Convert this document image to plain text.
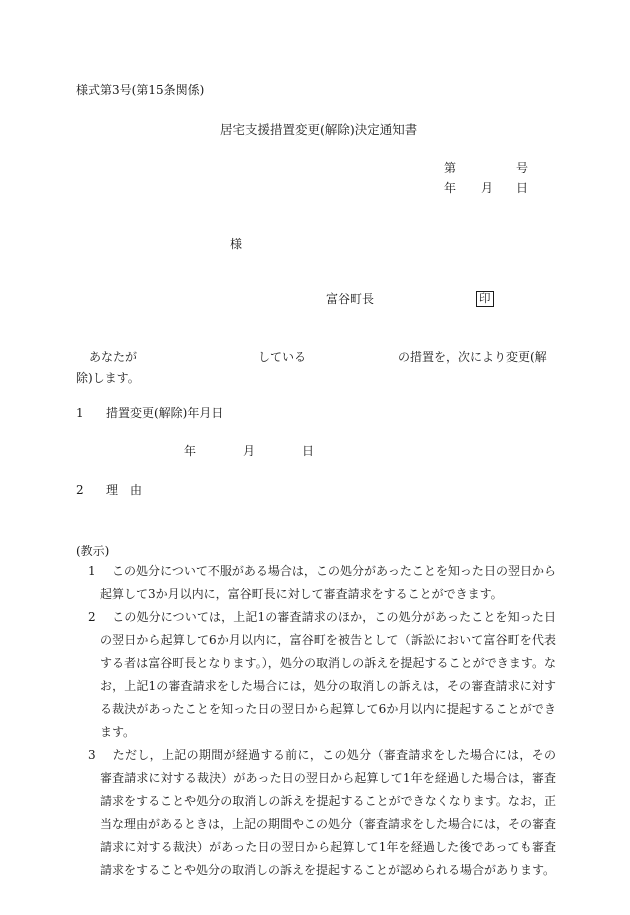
様式第3号(第15条関係)
居宅支援措置変更(解除)決定通知書
第	号
年 月 日
様
富谷町長	印
あなたが	している	の措置を，次により変更(解
除)します。
1 措置変更(解除)年月日
年	月	日
2 理　由
(教示)

1　 この処分について不服がある場合は，この処分があったことを知った日の翌日から起算して3か月以内に，富谷町長に対して審査請求をすることができます。

2　 この処分については，上記1の審査請求のほか，この処分があったことを知った日の翌日から起算して6か月以内に，富谷町を被告として（訴訟において富谷町を代表する者は富谷町長となります。），処分の取消しの訴えを提起することができます。なお，上記1の審査請求をした場合には，処分の取消しの訴えは，その審査請求に対する裁決があったことを知った日の翌日から起算して6か月以内に提起することができます。

3　 ただし，上記の期間が経過する前に，この処分（審査請求をした場合には，その審査請求に対する裁決）があった日の翌日から起算して1年を経過した場合は，審査請求をすることや処分の取消しの訴えを提起することができなくなります。なお，正当な理由があるときは，上記の期間やこの処分（審査請求をした場合には，その審査請求に対する裁決）があった日の翌日から起算して1年を経過した後であっても審査請求をすることや処分の取消しの訴えを提起することが認められる場合があります。
